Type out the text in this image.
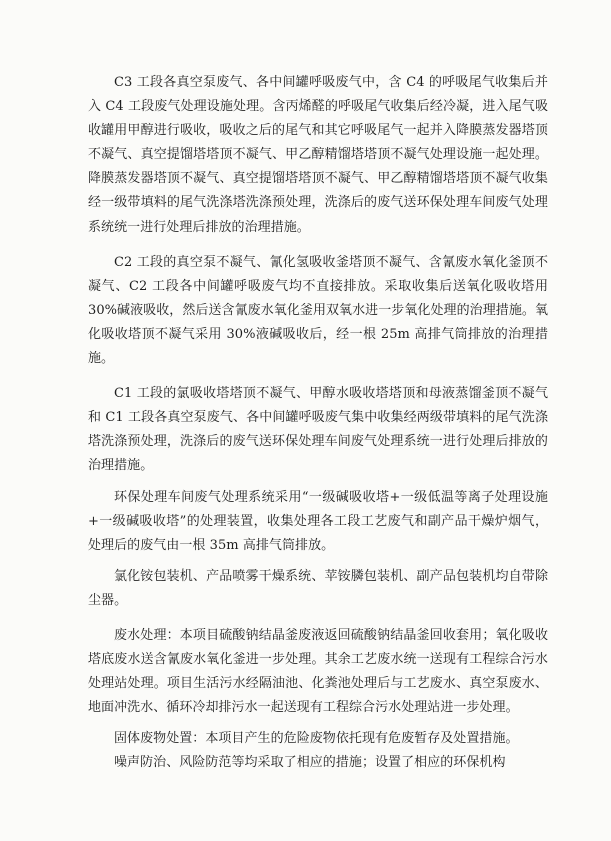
C3 工段各真空泵废气、各中间罐呼吸废气中，含 C4 的呼吸尾气收集后并入 C4 工段废气处理设施处理。含丙烯醛的呼吸尾气收集后经冷凝，进入尾气吸收罐用甲醇进行吸收，吸收之后的尾气和其它呼吸尾气一起并入降膜蒸发器塔顶不凝气、真空提馏塔塔顶不凝气、甲乙醇精馏塔塔顶不凝气处理设施一起处理。降膜蒸发器塔顶不凝气、真空提馏塔塔顶不凝气、甲乙醇精馏塔塔顶不凝气收集经一级带填料的尾气洗涤塔洗涤预处理，洗涤后的废气送环保处理车间废气处理系统统一进行处理后排放的治理措施。

C2 工段的真空泵不凝气、氰化氢吸收釜塔顶不凝气、含氰废水氧化釜顶不凝气、C2 工段各中间罐呼吸废气均不直接排放。采取收集后送氧化吸收塔用 30%碱液吸收，然后送含氰废水氧化釜用双氧水进一步氧化处理的治理措施。氧化吸收塔顶不凝气采用 30%液碱吸收后，经一根 25m 高排气筒排放的治理措施。

C1 工段的氯吸收塔塔顶不凝气、甲醇水吸收塔塔顶和母液蒸馏釜顶不凝气和 C1 工段各真空泵废气、各中间罐呼吸废气集中收集经两级带填料的尾气洗涤塔洗涤预处理，洗涤后的废气送环保处理车间废气处理系统一进行处理后排放的治理措施。

环保处理车间废气处理系统采用“一级碱吸收塔+一级低温等离子处理设施+一级碱吸收塔”的处理装置，收集处理各工段工艺废气和副产品干燥炉烟气，处理后的废气由一根 35m 高排气筒排放。

氯化铵包装机、产品喷雾干燥系统、苹铵膦包装机、副产品包装机均自带除尘器。

废水处理：本项目硫酸钠结晶釜废液返回硫酸钠结晶釜回收套用；氧化吸收塔底废水送含氰废水氧化釜进一步处理。其余工艺废水统一送现有工程综合污水处理站处理。项目生活污水经隔油池、化粪池处理后与工艺废水、真空泵废水、地面冲洗水、循环冷却排污水一起送现有工程综合污水处理站进一步处理。

固体废物处置：本项目产生的危险废物依托现有危废暂存及处置措施。

噪声防治、风险防范等均采取了相应的措施；设置了相应的环保机构
